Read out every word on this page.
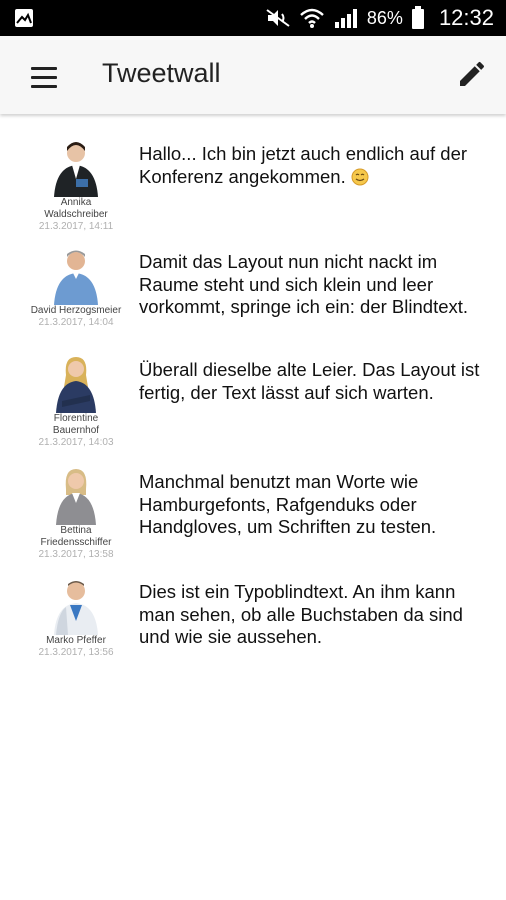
86% 12:32
Tweetwall
Annika
Waldschreiber
21.3.2017, 14:11
Hallo... Ich bin jetzt auch endlich auf der Konferenz angekommen.
David Herzogsmeier
21.3.2017, 14:04
Damit das Layout nun nicht nackt im Raume steht und sich klein und leer vorkommt, springe ich ein: der Blindtext.
Florentine
Bauernhof
21.3.2017, 14:03
Überall dieselbe alte Leier. Das Layout ist fertig, der Text lässt auf sich warten.
Bettina
Friedensschiffer
21.3.2017, 13:58
Manchmal benutzt man Worte wie Hamburgefonts, Rafgenduks oder Handgloves, um Schriften zu testen.
Marko Pfeffer
21.3.2017, 13:56
Dies ist ein Typoblindtext. An ihm kann man sehen, ob alle Buchstaben da sind und wie sie aussehen.
